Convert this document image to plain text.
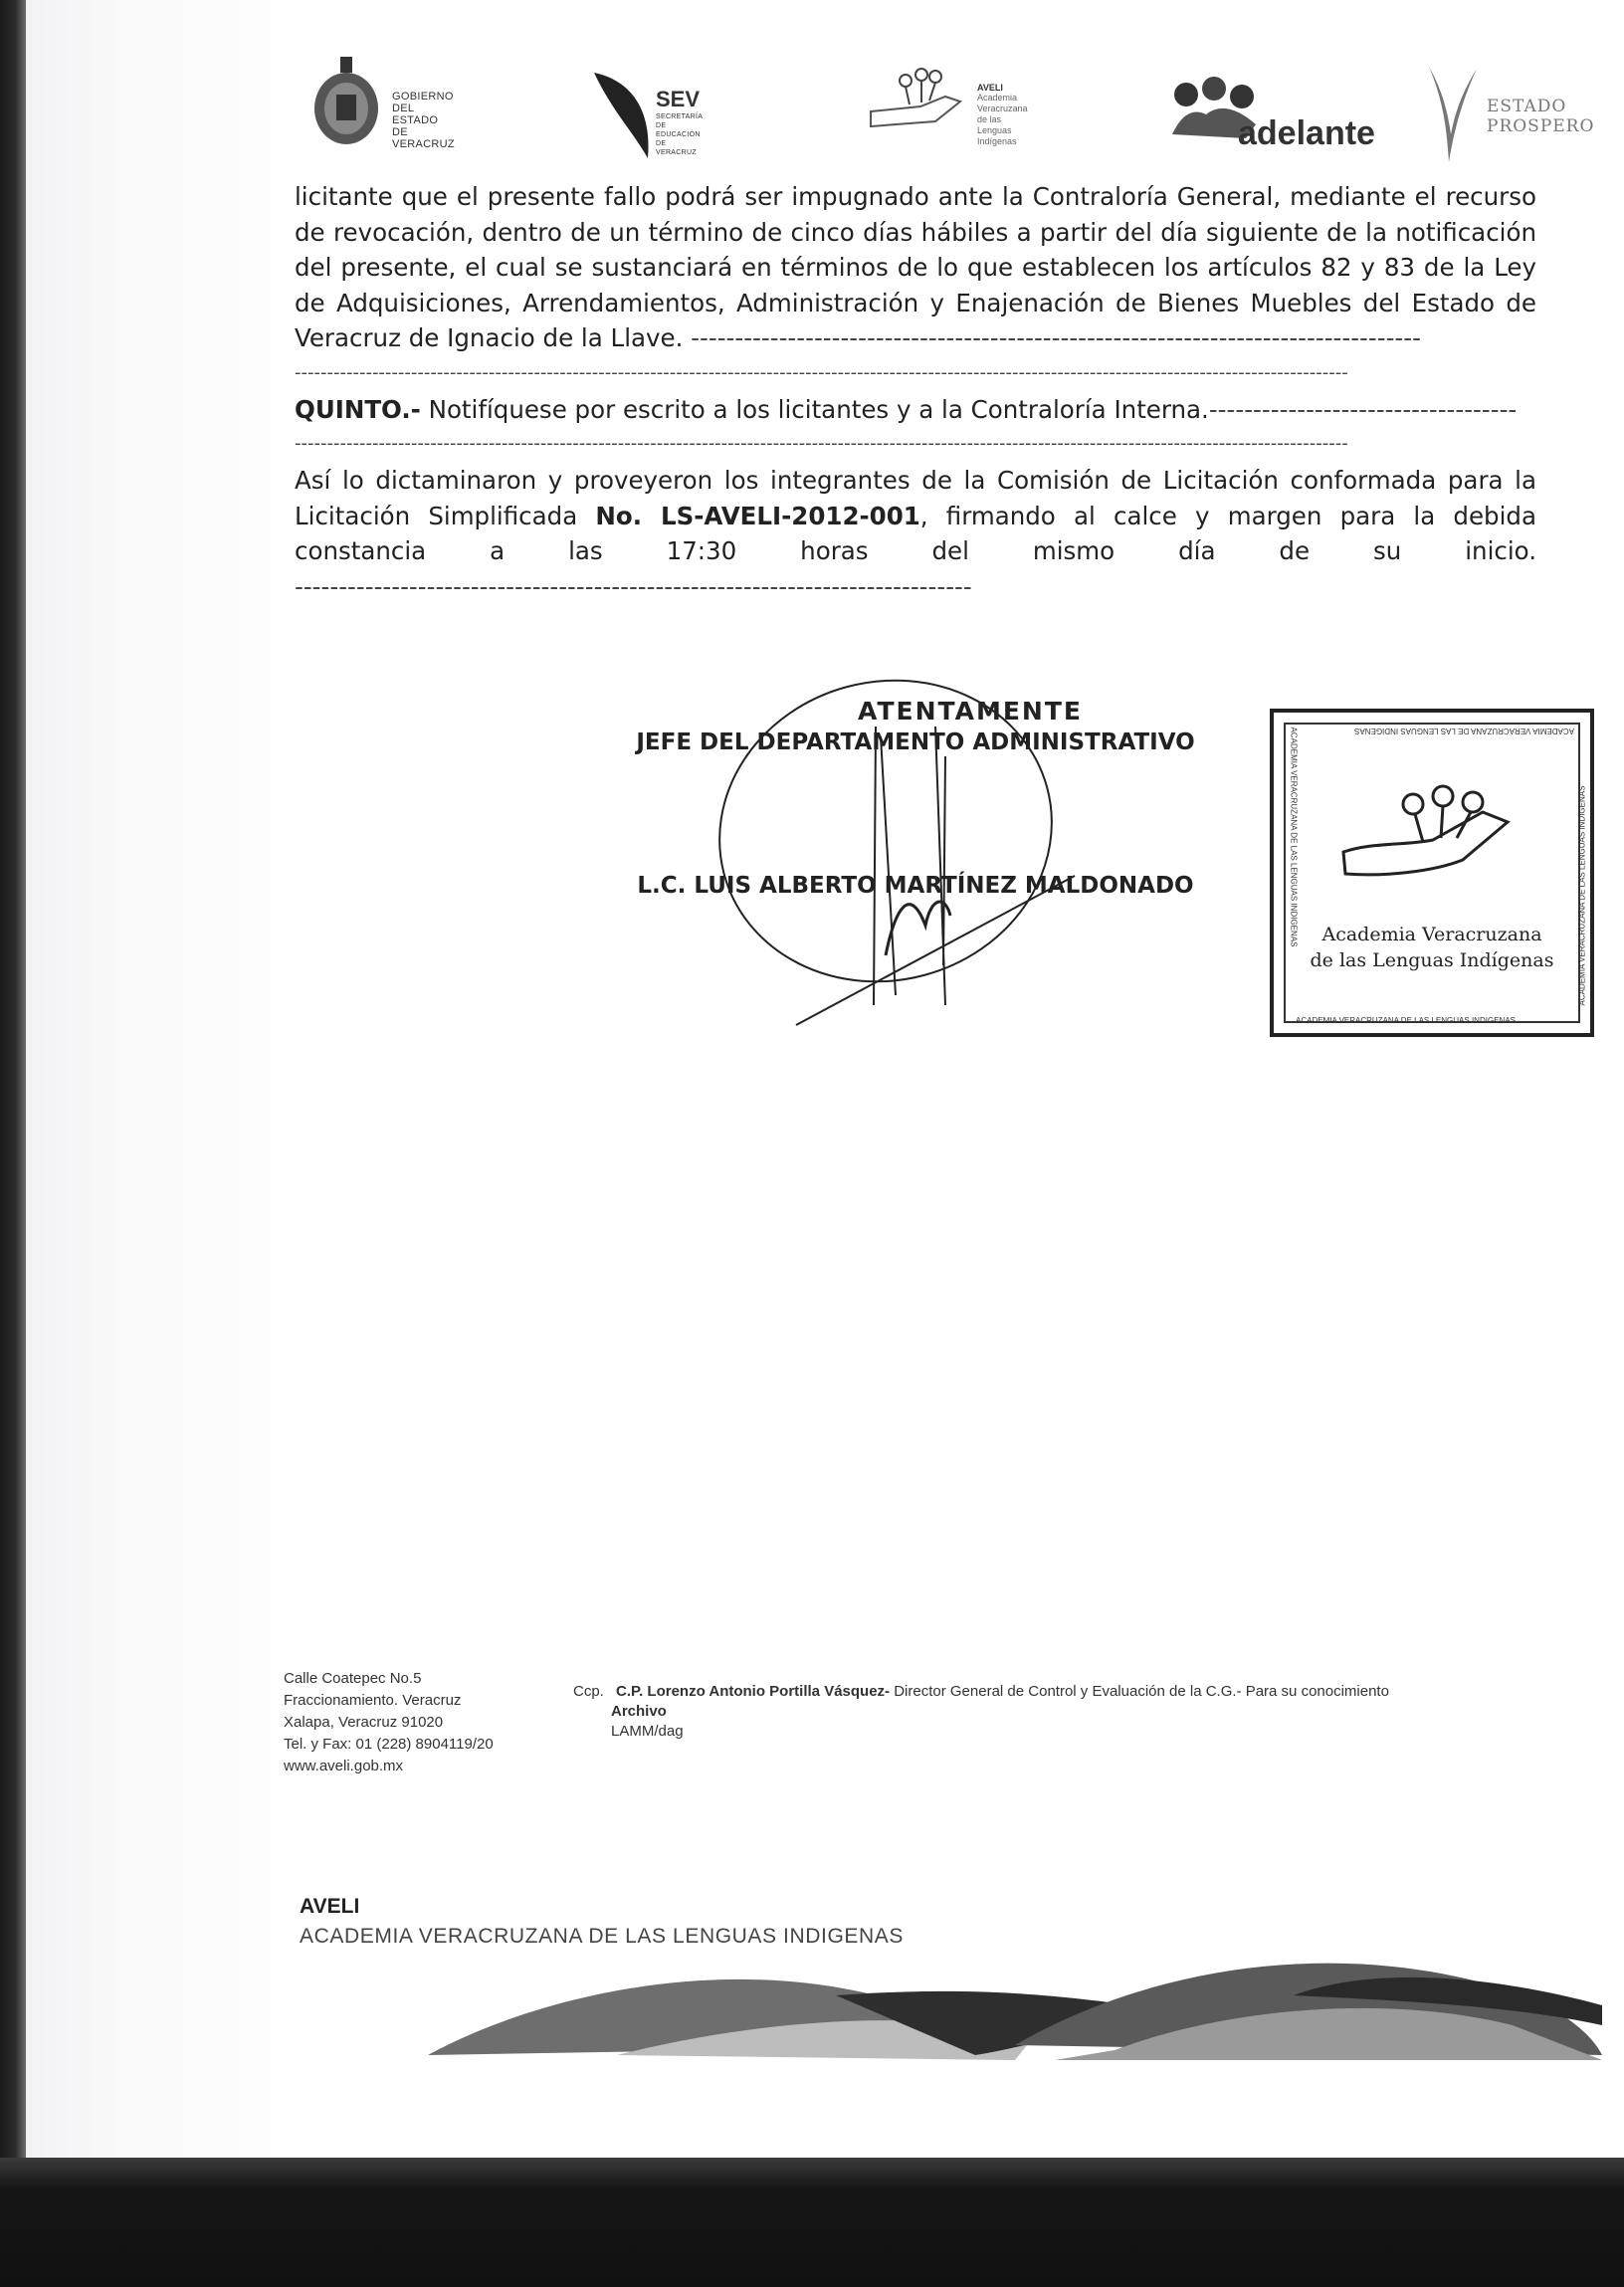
GOBIERNO DEL
ESTADO DE VERACRUZ
SEV
SECRETARÍA DE EDUCACIÓN
DE VERACRUZ
AVELI
Academia Veracruzana de las
Lenguas Indígenas	adelante
ESTADO
PROSPERO

licitante que el presente fallo podrá ser impugnado ante la Contraloría General, mediante el recurso de revocación, dentro de un término de cinco días hábiles a partir del día siguiente de la notificación del presente, el cual se sustanciará en términos de lo que establecen los artículos 82 y 83 de la Ley de Adquisiciones, Arrendamientos, Administración y Enajenación de Bienes Muebles del Estado de Veracruz de Ignacio de la Llave. -----------------------------------------------------------------------------------

-------------------------------------------------------------------------------------------------------------------------------------------------------------------

QUINTO.- Notifíquese por escrito a los licitantes y a la Contraloría Interna.-----------------------------------

-------------------------------------------------------------------------------------------------------------------------------------------------------------------

Así lo dictaminaron y proveyeron los integrantes de la Comisión de Licitación conformada para la Licitación Simplificada No. LS-AVELI-2012-001, firmando al calce y margen para la debida constancia a las 17:30 horas del mismo día de su inicio. -----------------------------------------------------------------------------

ATENTAMENTE
JEFE DEL DEPARTAMENTO ADMINISTRATIVO
L.C. LUIS ALBERTO MARTÍNEZ MALDONADO
ACADEMIA VERACRUZANA DE LAS LENGUAS INDIGENAS
ACADEMIA VERACRUZANA DE LAS LENGUAS INDIGENAS	ACADEMIA VERACRUZANA DE LAS LENGUAS INDIGENAS
ACADEMIA VERACRUZANA DE LAS LENGUAS INDIGENAS
Academia Veracruzana
de las Lenguas Indígenas
Calle Coatepec No.5
Fraccionamiento. Veracruz
Xalapa, Veracruz 91020
Tel. y Fax: 01 (228) 8904119/20
www.aveli.gob.mx
Ccp. C.P. Lorenzo Antonio Portilla Vásquez- Director General de Control y Evaluación de la C.G.- Para su conocimiento
Archivo
LAMM/dag
AVELI
ACADEMIA VERACRUZANA DE LAS LENGUAS INDIGENAS
